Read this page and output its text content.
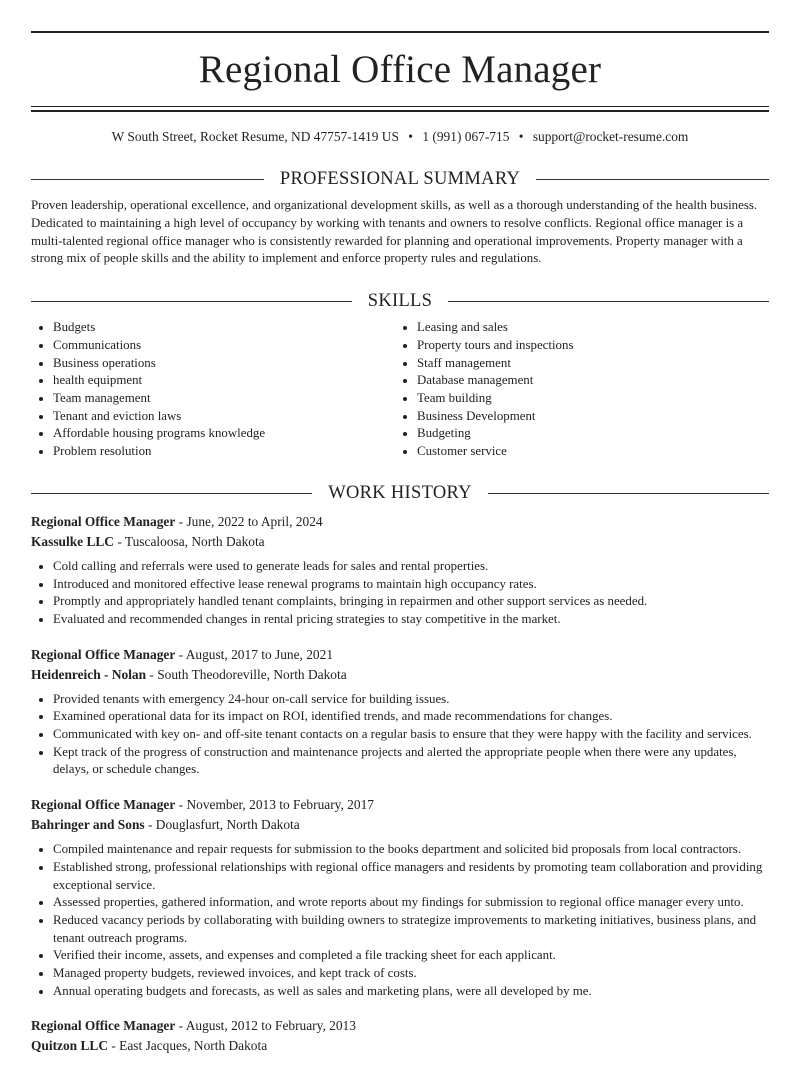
Regional Office Manager
W South Street, Rocket Resume, ND 47757-1419 US • 1 (991) 067-715 • support@rocket-resume.com
PROFESSIONAL SUMMARY
Proven leadership, operational excellence, and organizational development skills, as well as a thorough understanding of the health business. Dedicated to maintaining a high level of occupancy by working with tenants and owners to resolve conflicts. Regional office manager is a multi-talented regional office manager who is consistently rewarded for planning and operational improvements. Property manager with a strong mix of people skills and the ability to implement and enforce property rules and regulations.
SKILLS
Budgets
Communications
Business operations
health equipment
Team management
Tenant and eviction laws
Affordable housing programs knowledge
Problem resolution
Leasing and sales
Property tours and inspections
Staff management
Database management
Team building
Business Development
Budgeting
Customer service
WORK HISTORY
Regional Office Manager - June, 2022 to April, 2024
Kassulke LLC - Tuscaloosa, North Dakota
Cold calling and referrals were used to generate leads for sales and rental properties.
Introduced and monitored effective lease renewal programs to maintain high occupancy rates.
Promptly and appropriately handled tenant complaints, bringing in repairmen and other support services as needed.
Evaluated and recommended changes in rental pricing strategies to stay competitive in the market.
Regional Office Manager - August, 2017 to June, 2021
Heidenreich - Nolan - South Theodoreville, North Dakota
Provided tenants with emergency 24-hour on-call service for building issues.
Examined operational data for its impact on ROI, identified trends, and made recommendations for changes.
Communicated with key on- and off-site tenant contacts on a regular basis to ensure that they were happy with the facility and services.
Kept track of the progress of construction and maintenance projects and alerted the appropriate people when there were any updates, delays, or schedule changes.
Regional Office Manager - November, 2013 to February, 2017
Bahringer and Sons - Douglasfurt, North Dakota
Compiled maintenance and repair requests for submission to the books department and solicited bid proposals from local contractors.
Established strong, professional relationships with regional office managers and residents by promoting team collaboration and providing exceptional service.
Assessed properties, gathered information, and wrote reports about my findings for submission to regional office manager every unto.
Reduced vacancy periods by collaborating with building owners to strategize improvements to marketing initiatives, business plans, and tenant outreach programs.
Verified their income, assets, and expenses and completed a file tracking sheet for each applicant.
Managed property budgets, reviewed invoices, and kept track of costs.
Annual operating budgets and forecasts, as well as sales and marketing plans, were all developed by me.
Regional Office Manager - August, 2012 to February, 2013
Quitzon LLC - East Jacques, North Dakota
